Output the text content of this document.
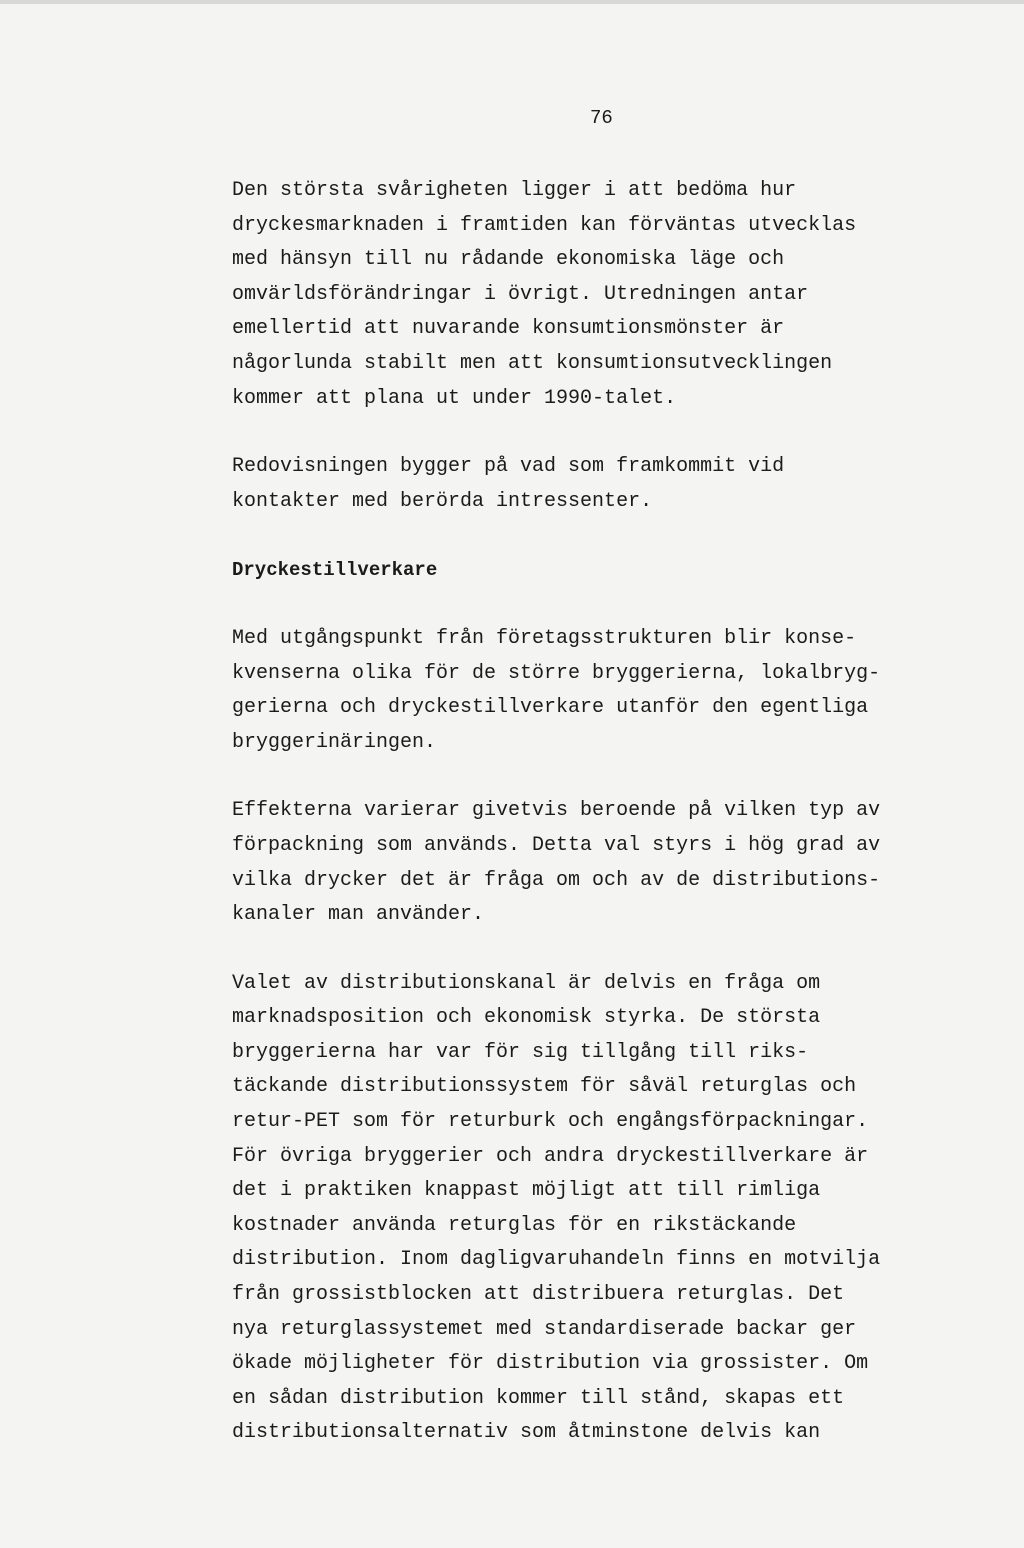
76

Den största svårigheten ligger i att bedöma hur
dryckesmarknaden i framtiden kan förväntas utvecklas
med hänsyn till nu rådande ekonomiska läge och
omvärldsförändringar i övrigt. Utredningen antar
emellertid att nuvarande konsumtionsmönster är
någorlunda stabilt men att konsumtionsutvecklingen
kommer att plana ut under 1990-talet.

Redovisningen bygger på vad som framkommit vid
kontakter med berörda intressenter.

Dryckestillverkare

Med utgångspunkt från företagsstrukturen blir konse-
kvenserna olika för de större bryggerierna, lokalbryg-
gerierna och dryckestillverkare utanför den egentliga
bryggerinäringen.

Effekterna varierar givetvis beroende på vilken typ av
förpackning som används. Detta val styrs i hög grad av
vilka drycker det är fråga om och av de distributions-
kanaler man använder.

Valet av distributionskanal är delvis en fråga om
marknadsposition och ekonomisk styrka. De största
bryggerierna har var för sig tillgång till riks-
täckande distributionssystem för såväl returglas och
retur-PET som för returburk och engångsförpackningar.
För övriga bryggerier och andra dryckestillverkare är
det i praktiken knappast möjligt att till rimliga
kostnader använda returglas för en rikstäckande
distribution. Inom dagligvaruhandeln finns en motvilja
från grossistblocken att distribuera returglas. Det
nya returglassystemet med standardiserade backar ger
ökade möjligheter för distribution via grossister. Om
en sådan distribution kommer till stånd, skapas ett
distributionsalternativ som åtminstone delvis kan
